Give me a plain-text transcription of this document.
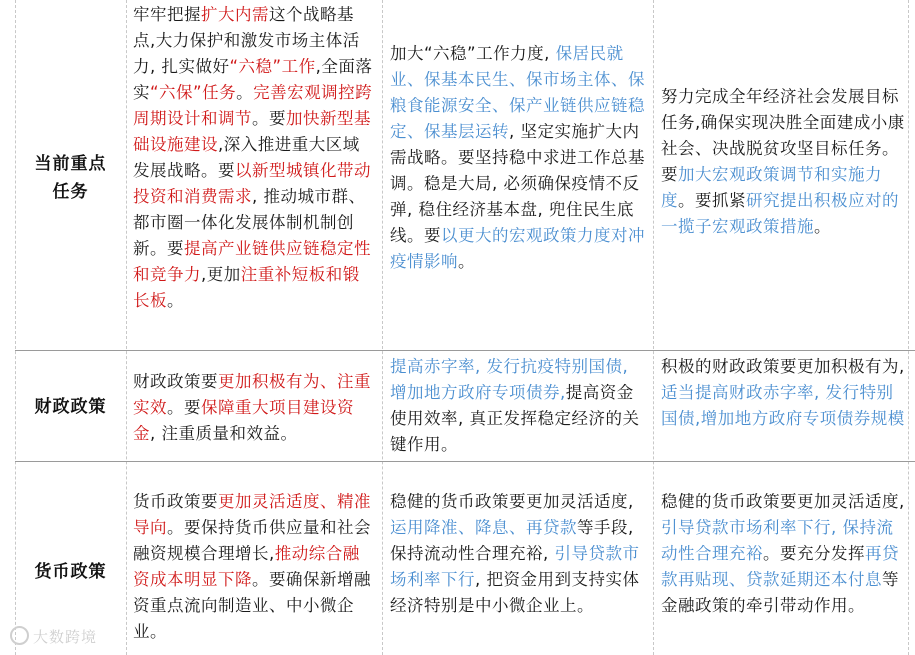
当前重点
任务
牢牢把握扩大内需这个战略基点,大力保护和激发市场主体活力, 扎实做好“六稳”工作,全面落实“六保”任务。完善宏观调控跨周期设计和调节。要加快新型基础设施建设,深入推进重大区域发展战略。要以新型城镇化带动投资和消费需求, 推动城市群、都市圈一体化发展体制机制创新。要提高产业链供应链稳定性和竞争力,更加注重补短板和锻长板。
加大“六稳”工作力度, 保居民就业、保基本民生、保市场主体、保粮食能源安全、保产业链供应链稳定、保基层运转, 坚定实施扩大内需战略。要坚持稳中求进工作总基调。稳是大局, 必须确保疫情不反弹, 稳住经济基本盘, 兜住民生底线。要以更大的宏观政策力度对冲疫情影响。
努力完成全年经济社会发展目标任务,确保实现决胜全面建成小康社会、决战脱贫攻坚目标任务。要加大宏观政策调节和实施力度。要抓紧研究提出积极应对的一揽子宏观政策措施。
财政政策
财政政策要更加积极有为、注重实效。要保障重大项目建设资金, 注重质量和效益。
提高赤字率, 发行抗疫特别国债, 增加地方政府专项债券,提高资金使用效率, 真正发挥稳定经济的关键作用。
积极的财政政策要更加积极有为, 适当提高财政赤字率, 发行特别国债,增加地方政府专项债券规模
货币政策
货币政策要更加灵活适度、精准导向。要保持货币供应量和社会融资规模合理增长,推动综合融资成本明显下降。要确保新增融资重点流向制造业、中小微企业。
稳健的货币政策要更加灵活适度, 运用降准、降息、再贷款等手段, 保持流动性合理充裕, 引导贷款市场利率下行, 把资金用到支持实体经济特别是中小微企业上。
稳健的货币政策要更加灵活适度, 引导贷款市场利率下行, 保持流动性合理充裕。要充分发挥再贷款再贴现、贷款延期还本付息等金融政策的牵引带动作用。
大数跨境
